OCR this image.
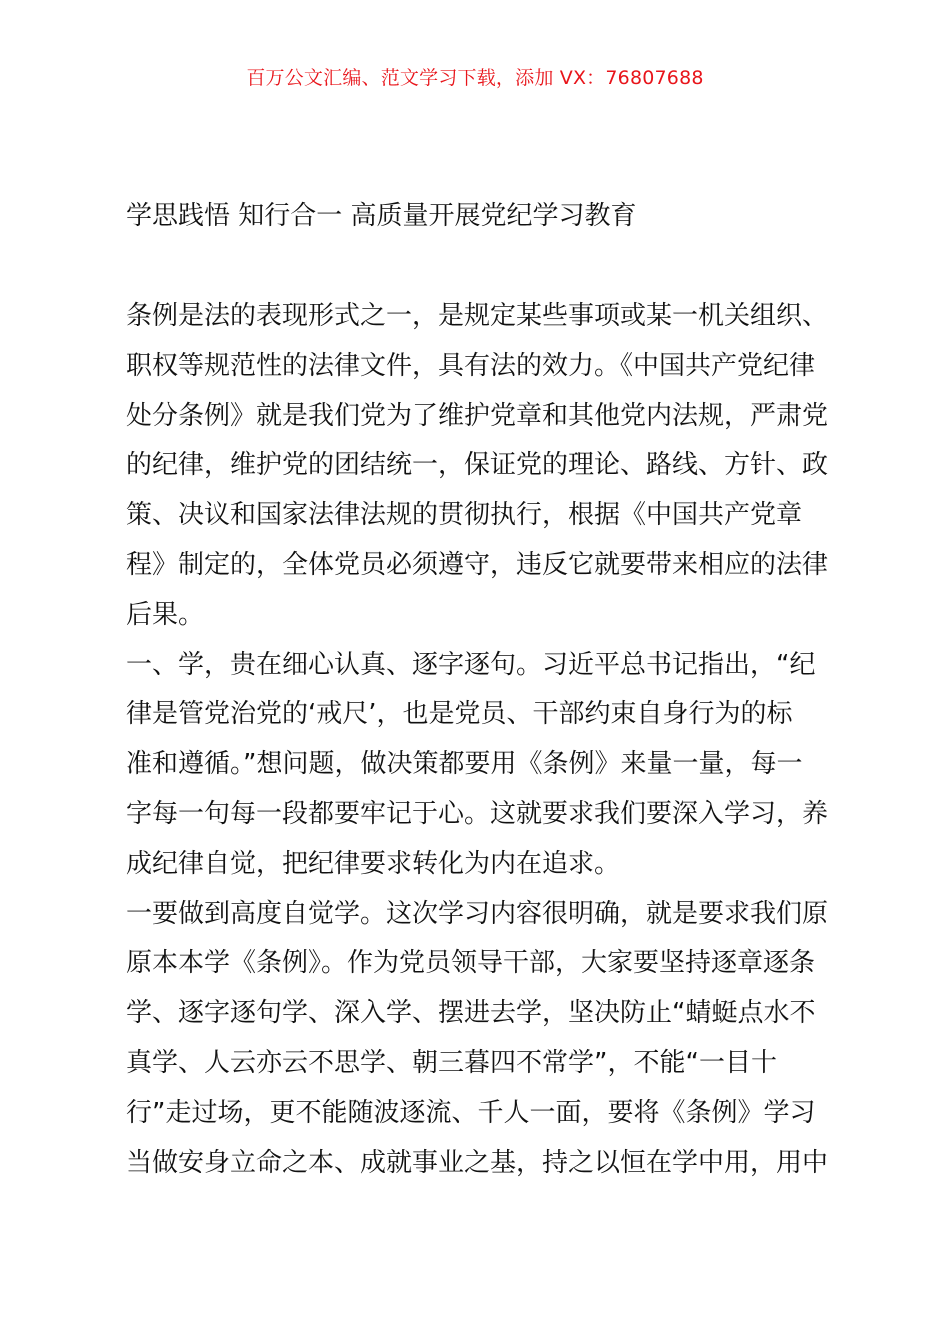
百万公文汇编、范文学习下载，添加 VX：76807688
学思践悟 知行合一 高质量开展党纪学习教育
条例是法的表现形式之一，是规定某些事项或某一机关组织、
职权等规范性的法律文件，具有法的效力。《中国共产党纪律
处分条例》就是我们党为了维护党章和其他党内法规，严肃党
的纪律，维护党的团结统一，保证党的理论、路线、方针、政
策、决议和国家法律法规的贯彻执行，根据《中国共产党章
程》制定的，全体党员必须遵守，违反它就要带来相应的法律
后果。
一、学，贵在细心认真、逐字逐句。习近平总书记指出，“纪
律是管党治党的‘戒尺’，也是党员、干部约束自身行为的标
准和遵循。”想问题，做决策都要用《条例》来量一量，每一
字每一句每一段都要牢记于心。这就要求我们要深入学习，养
成纪律自觉，把纪律要求转化为内在追求。
一要做到高度自觉学。这次学习内容很明确，就是要求我们原
原本本学《条例》。作为党员领导干部，大家要坚持逐章逐条
学、逐字逐句学、深入学、摆进去学，坚决防止“蜻蜓点水不
真学、人云亦云不思学、朝三暮四不常学”，不能“一目十
行”走过场，更不能随波逐流、千人一面，要将《条例》学习
当做安身立命之本、成就事业之基，持之以恒在学中用，用中
